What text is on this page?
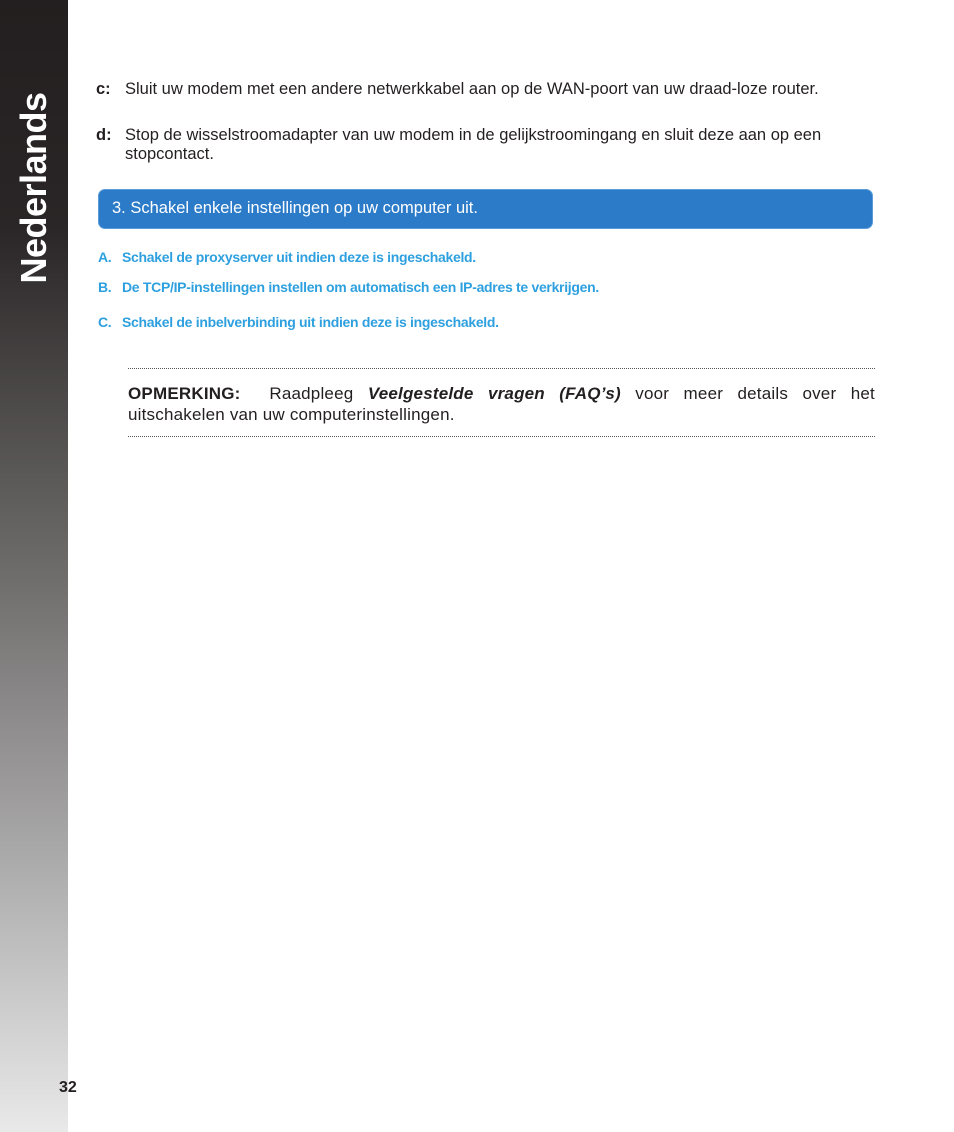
Nederlands
32
c: Sluit uw modem met een andere netwerkkabel aan op de WAN-poort van uw draad-loze router.
d: Stop de wisselstroomadapter van uw modem in de gelijkstroomingang en sluit deze aan op een stopcontact.
3. Schakel enkele instellingen op uw computer uit.
A. Schakel de proxyserver uit indien deze is ingeschakeld.
B. De TCP/IP-instellingen instellen om automatisch een IP-adres te verkrijgen.
C. Schakel de inbelverbinding uit indien deze is ingeschakeld.
OPMERKING: Raadpleeg Veelgestelde vragen (FAQ’s) voor meer details over het uitschakelen van uw computerinstellingen.
